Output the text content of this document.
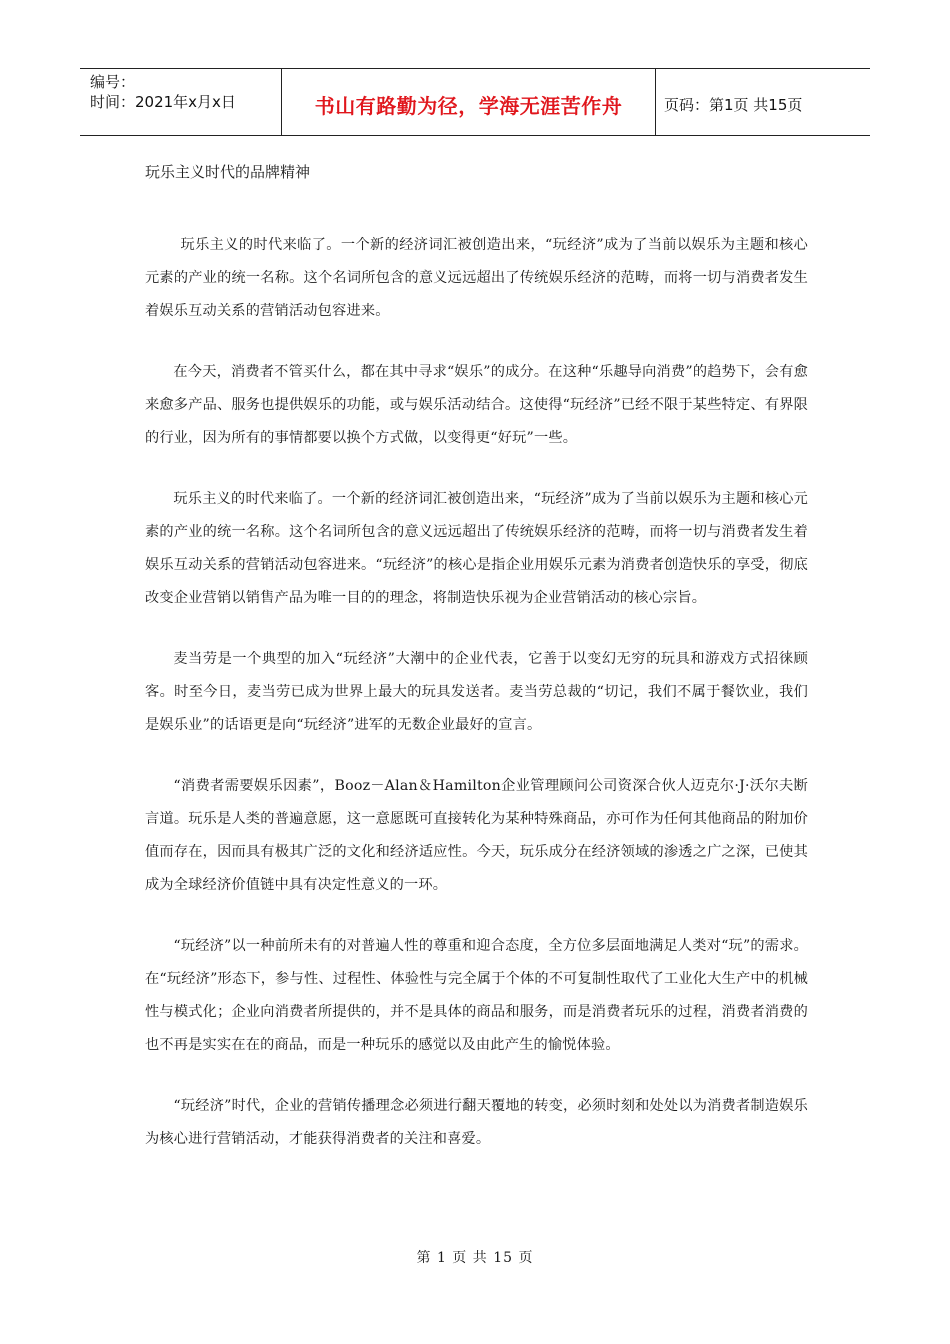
编号：
时间：2021年x月x日	书山有路勤为径，学海无涯苦作舟	页码：第1页 共15页
玩乐主义时代的品牌精神

玩乐主义的时代来临了。一个新的经济词汇被创造出来，“玩经济”成为了当前以娱乐为主题和核心元素的产业的统一名称。这个名词所包含的意义远远超出了传统娱乐经济的范畴，而将一切与消费者发生着娱乐互动关系的营销活动包容进来。

在今天，消费者不管买什么，都在其中寻求“娱乐”的成分。在这种“乐趣导向消费”的趋势下，会有愈来愈多产品、服务也提供娱乐的功能，或与娱乐活动结合。这使得“玩经济”已经不限于某些特定、有界限的行业，因为所有的事情都要以换个方式做，以变得更“好玩”一些。

玩乐主义的时代来临了。一个新的经济词汇被创造出来，“玩经济”成为了当前以娱乐为主题和核心元素的产业的统一名称。这个名词所包含的意义远远超出了传统娱乐经济的范畴，而将一切与消费者发生着娱乐互动关系的营销活动包容进来。“玩经济”的核心是指企业用娱乐元素为消费者创造快乐的享受，彻底改变企业营销以销售产品为唯一目的的理念，将制造快乐视为企业营销活动的核心宗旨。

麦当劳是一个典型的加入“玩经济”大潮中的企业代表，它善于以变幻无穷的玩具和游戏方式招徕顾客。时至今日，麦当劳已成为世界上最大的玩具发送者。麦当劳总裁的“切记，我们不属于餐饮业，我们是娱乐业”的话语更是向“玩经济”进军的无数企业最好的宣言。

“消费者需要娱乐因素”，Booz－Alan＆Hamilton企业管理顾问公司资深合伙人迈克尔·J·沃尔夫断言道。玩乐是人类的普遍意愿，这一意愿既可直接转化为某种特殊商品，亦可作为任何其他商品的附加价值而存在，因而具有极其广泛的文化和经济适应性。今天，玩乐成分在经济领域的渗透之广之深，已使其成为全球经济价值链中具有决定性意义的一环。

“玩经济”以一种前所未有的对普遍人性的尊重和迎合态度，全方位多层面地满足人类对“玩”的需求。在“玩经济”形态下，参与性、过程性、体验性与完全属于个体的不可复制性取代了工业化大生产中的机械性与模式化；企业向消费者所提供的，并不是具体的商品和服务，而是消费者玩乐的过程，消费者消费的也不再是实实在在的商品，而是一种玩乐的感觉以及由此产生的愉悦体验。

“玩经济”时代，企业的营销传播理念必须进行翻天覆地的转变，必须时刻和处处以为消费者制造娱乐为核心进行营销活动，才能获得消费者的关注和喜爱。

第 1 页 共 15 页
